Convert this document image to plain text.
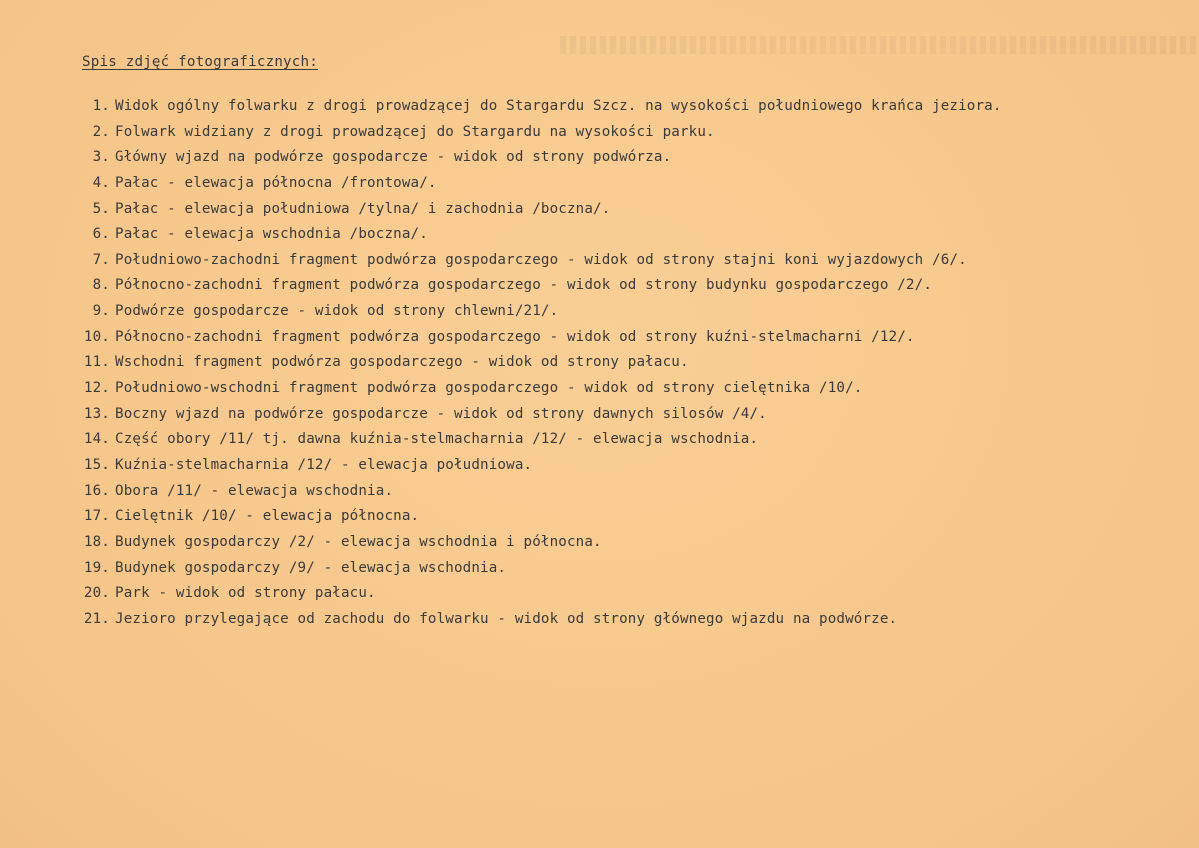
Spis zdjęć fotograficznych:
1. Widok ogólny folwarku z drogi prowadzącej do Stargardu Szcz. na wysokości południowego krańca jeziora.
2. Folwark widziany z drogi prowadzącej do Stargardu na wysokości parku.
3. Główny wjazd na podwórze gospodarcze - widok od strony podwórza.
4. Pałac - elewacja północna /frontowa/.
5. Pałac - elewacja południowa /tylna/ i zachodnia /boczna/.
6. Pałac - elewacja wschodnia /boczna/.
7. Południowo-zachodni fragment podwórza gospodarczego - widok od strony stajni koni wyjazdowych /6/.
8. Północno-zachodni fragment podwórza gospodarczego - widok od strony budynku gospodarczego /2/.
9. Podwórze gospodarcze - widok od strony chlewni/21/.
10. Północno-zachodni fragment podwórza gospodarczego - widok od strony kuźni-stelmacharni /12/.
11. Wschodni fragment podwórza gospodarczego - widok od strony pałacu.
12. Południowo-wschodni fragment podwórza gospodarczego - widok od strony cielętnika /10/.
13. Boczny wjazd na podwórze gospodarcze - widok od strony dawnych silosów /4/.
14. Część obory /11/ tj. dawna kuźnia-stelmacharnia /12/ - elewacja wschodnia.
15. Kuźnia-stelmacharnia /12/ - elewacja południowa.
16. Obora /11/ - elewacja wschodnia.
17. Cielętnik /10/ - elewacja północna.
18. Budynek gospodarczy /2/ - elewacja wschodnia i północna.
19. Budynek gospodarczy /9/ - elewacja wschodnia.
20. Park - widok od strony pałacu.
21. Jezioro przylegające od zachodu do folwarku - widok od strony głównego wjazdu na podwórze.
